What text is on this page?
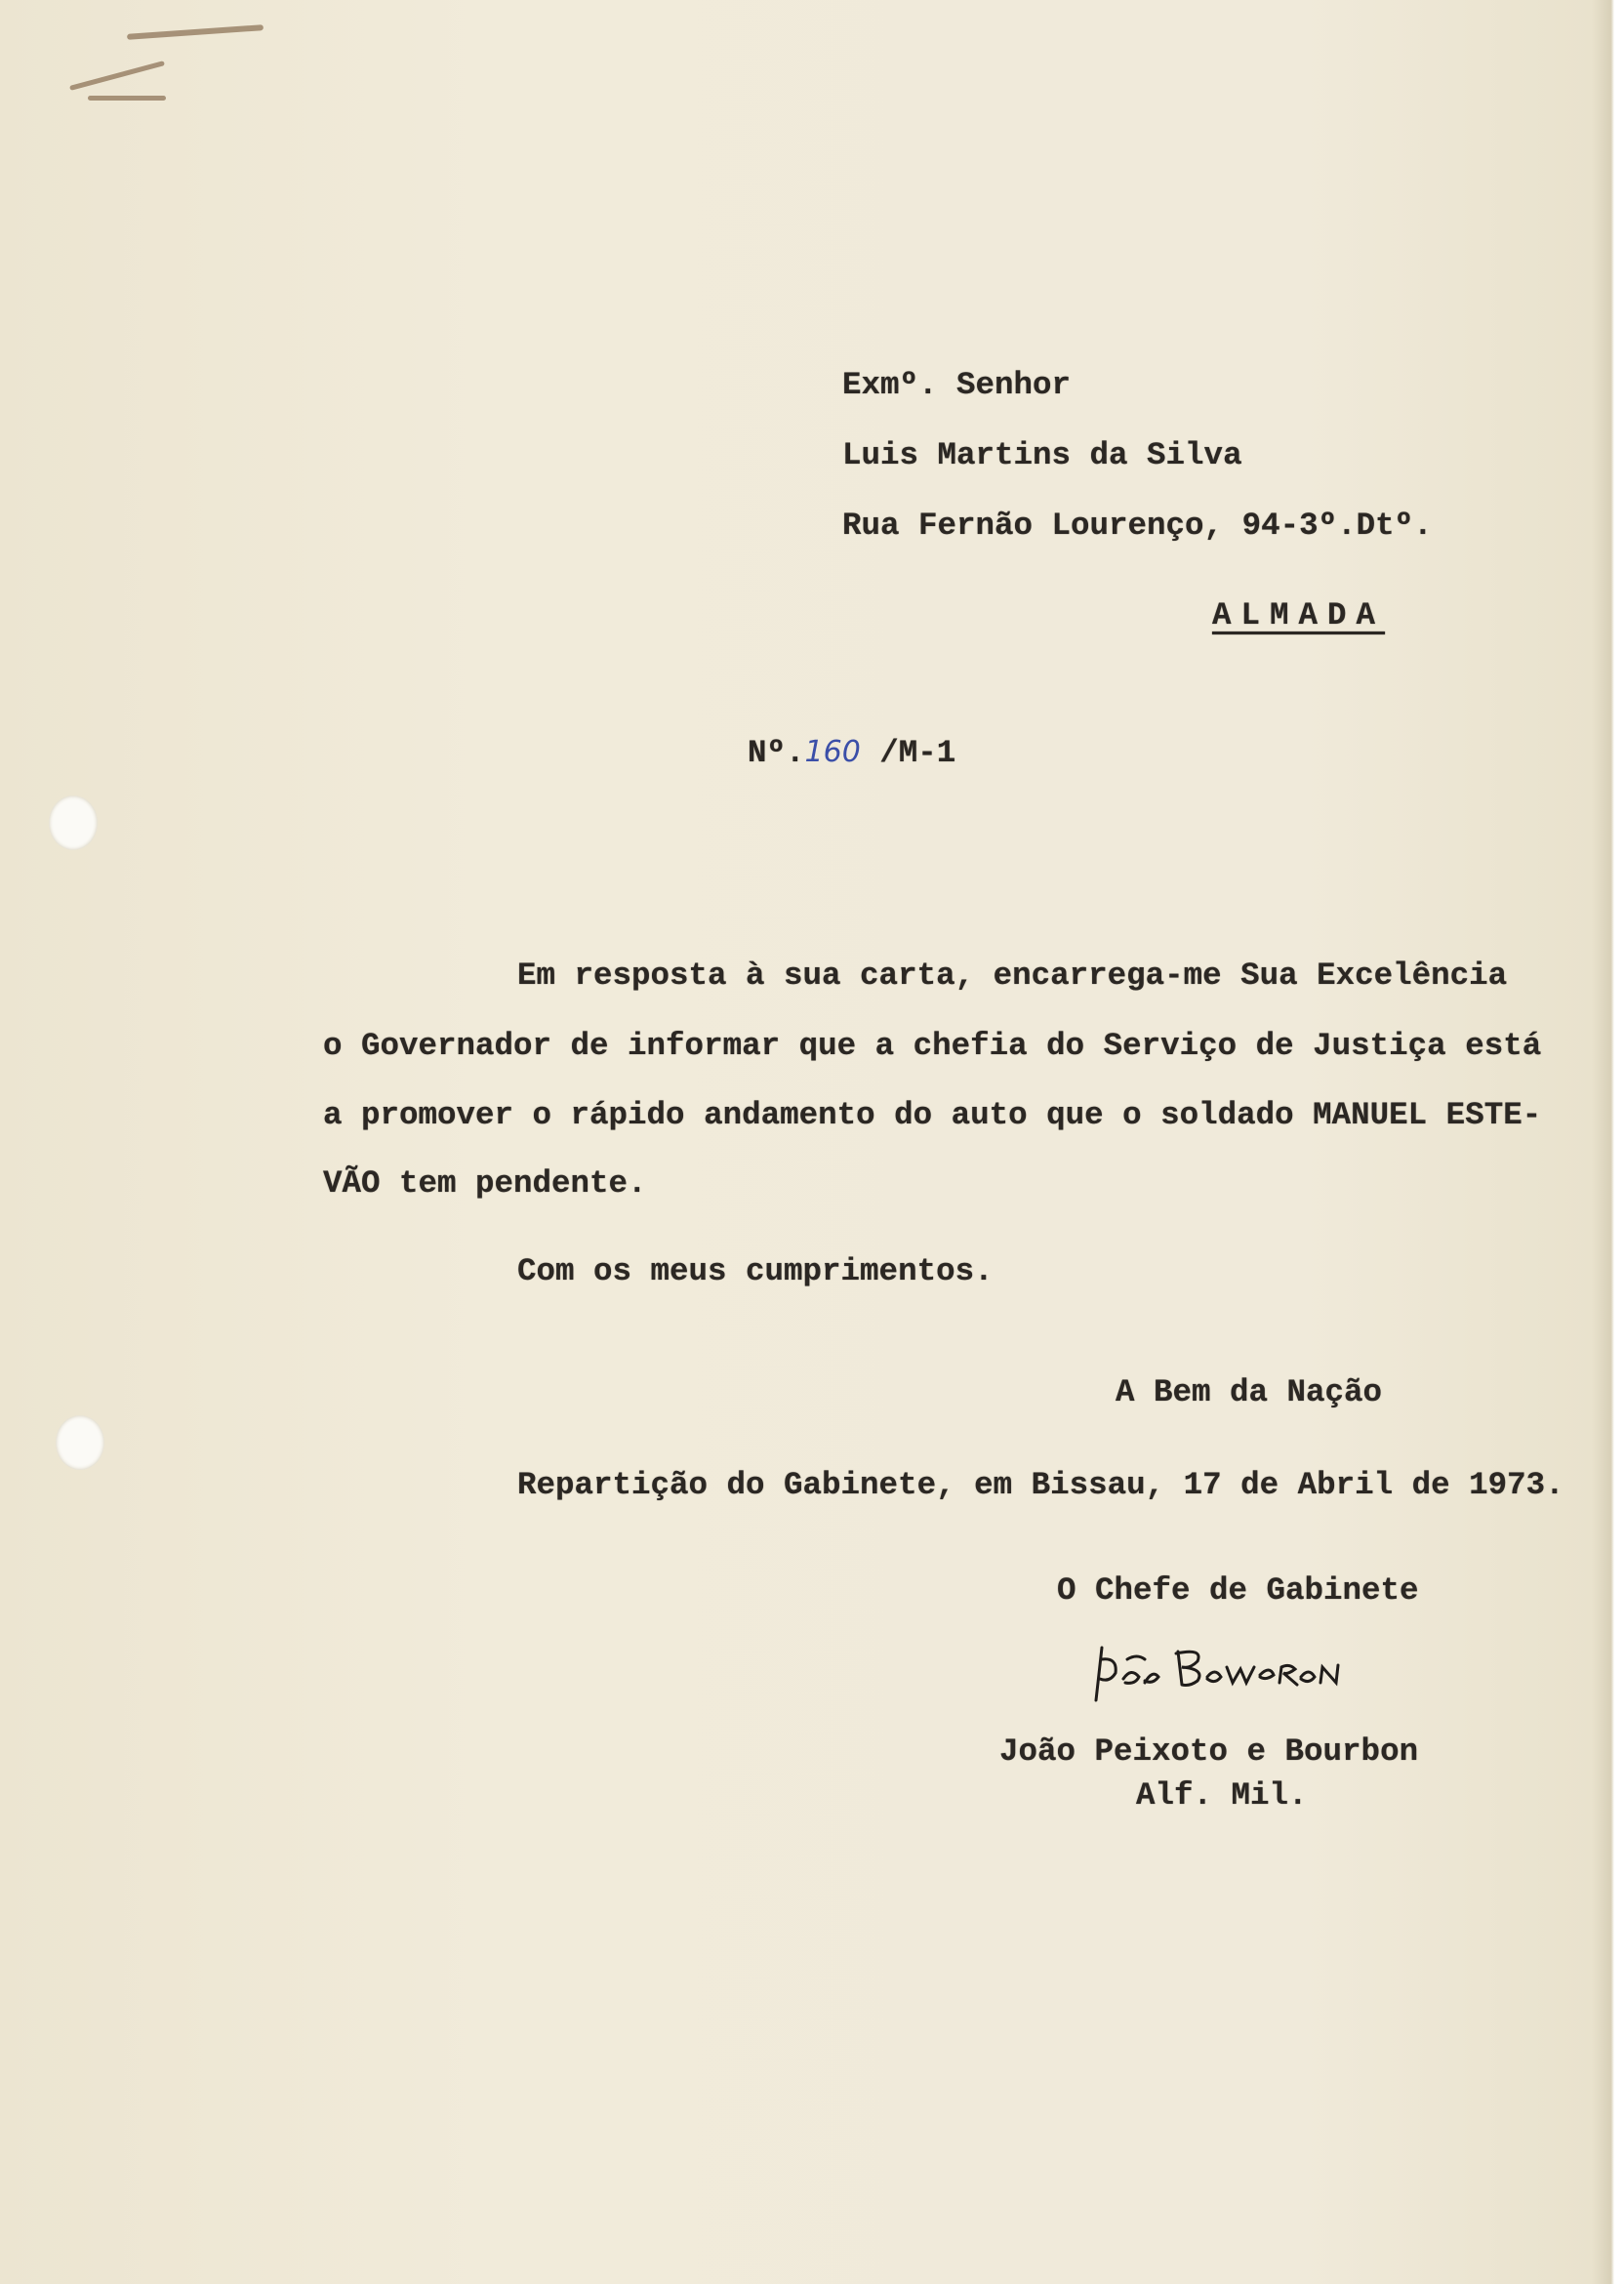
Exmº. Senhor
Luis Martins da Silva
Rua Fernão Lourenço, 94-3º.Dtº.
ALMADA
Nº.160 /M-1
Em resposta à sua carta, encarrega-me Sua Excelência
o Governador de informar que a chefia do Serviço de Justiça está
a promover o rápido andamento do auto que o soldado MANUEL ESTE-
VÃO tem pendente.
Com os meus cumprimentos.
A Bem da Nação
Repartição do Gabinete, em Bissau, 17 de Abril de 1973.
O Chefe de Gabinete
João Peixoto e Bourbon
Alf. Mil.
